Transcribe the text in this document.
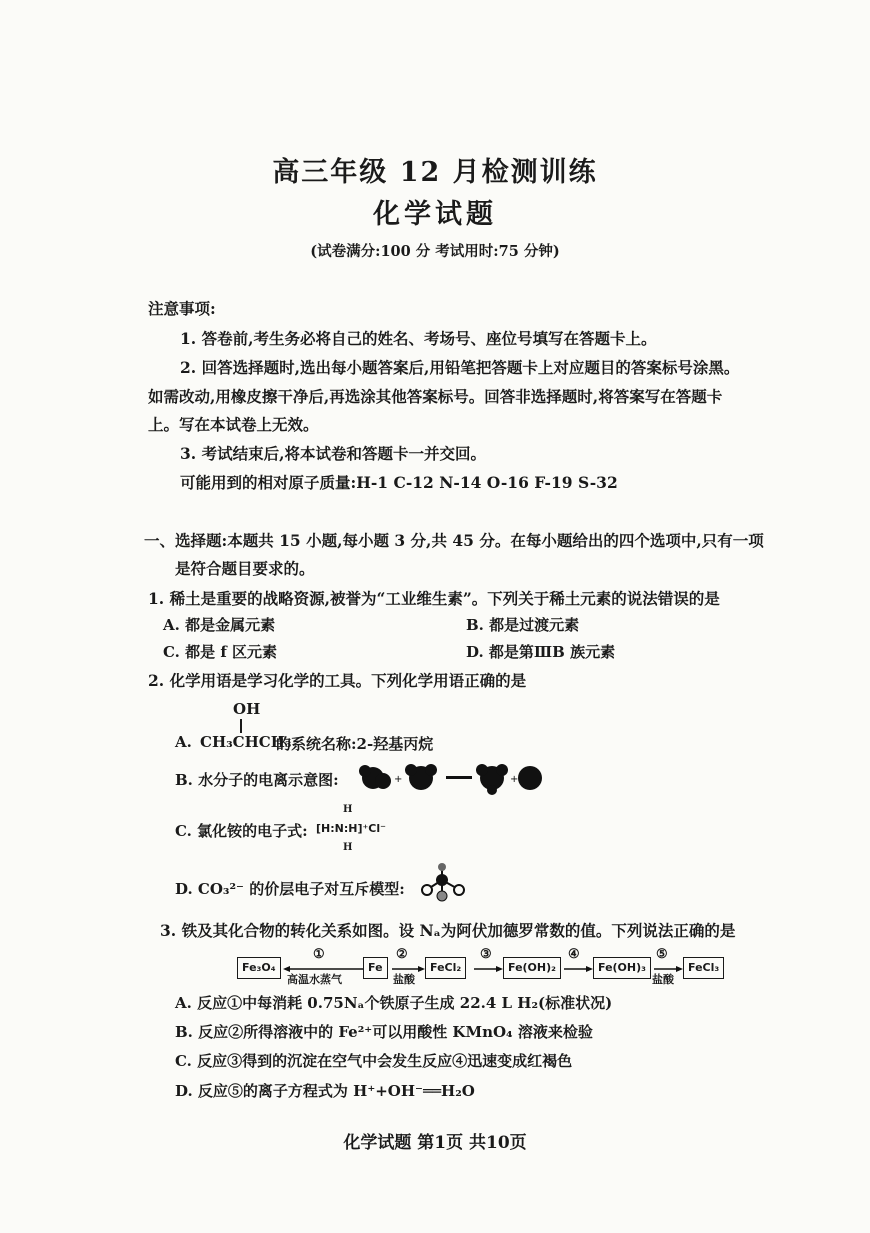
高三年级 12 月检测训练
化学试题
(试卷满分:100 分 考试用时:75 分钟)
注意事项:
1. 答卷前,考生务必将自己的姓名、考场号、座位号填写在答题卡上。
2. 回答选择题时,选出每小题答案后,用铅笔把答题卡上对应题目的答案标号涂黑。
如需改动,用橡皮擦干净后,再选涂其他答案标号。回答非选择题时,将答案写在答题卡
上。写在本试卷上无效。
3. 考试结束后,将本试卷和答题卡一并交回。
可能用到的相对原子质量:H-1 C-12 N-14 O-16 F-19 S-32
一、选择题:本题共 15 小题,每小题 3 分,共 45 分。在每小题给出的四个选项中,只有一项
是符合题目要求的。
1. 稀土是重要的战略资源,被誉为“工业维生素”。下列关于稀土元素的说法错误的是
A. 都是金属元素	B. 都是过渡元素
C. 都是 f 区元素	D. 都是第ⅢB 族元素
2. 化学用语是学习化学的工具。下列化学用语正确的是
OH
A. CH₃CHCH₃
的系统名称:2-羟基丙烷
B. 水分子的电离示意图:	+	+
C. 氯化铵的电子式:
H
H
[H:N:H]⁺Cl⁻
D. CO₃²⁻ 的价层电子对互斥模型:
3. 铁及其化合物的转化关系如图。设 Nₐ为阿伏加德罗常数的值。下列说法正确的是
Fe₃O₄	Fe	FeCl₂	Fe(OH)₂	Fe(OH)₃	FeCl₃
①	②	③	④	⑤
高温水蒸气	盐酸	盐酸
A. 反应①中每消耗 0.75Nₐ个铁原子生成 22.4 L H₂(标准状况)
B. 反应②所得溶液中的 Fe²⁺可以用酸性 KMnO₄ 溶液来检验
C. 反应③得到的沉淀在空气中会发生反应④迅速变成红褐色
D. 反应⑤的离子方程式为 H⁺+OH⁻══H₂O
化学试题 第1页 共10页
